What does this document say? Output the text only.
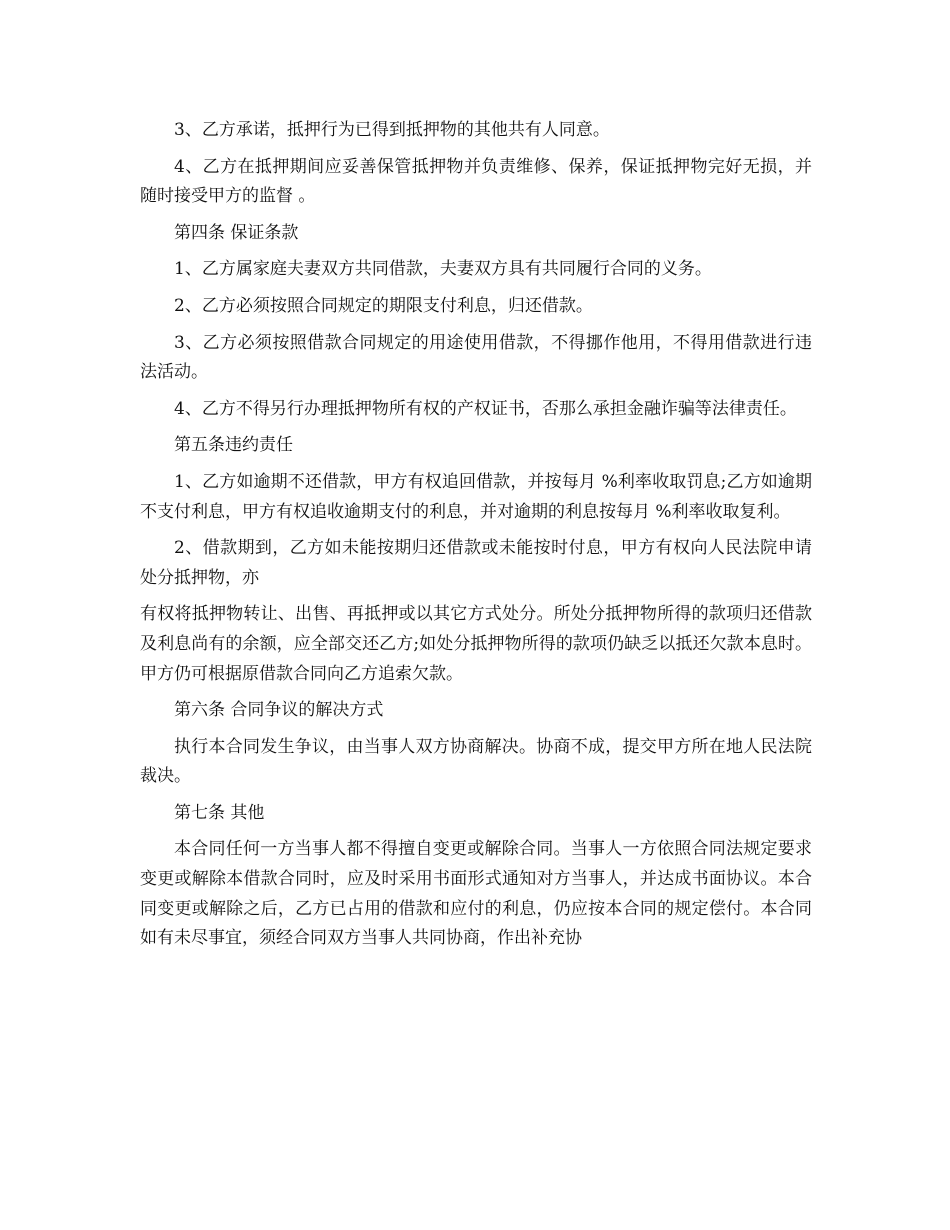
3、乙方承诺，抵押行为已得到抵押物的其他共有人同意。

4、乙方在抵押期间应妥善保管抵押物并负责维修、保养，保证抵押物完好无损，并随时接受甲方的监督 。

第四条 保证条款

1、乙方属家庭夫妻双方共同借款，夫妻双方具有共同履行合同的义务。

2、乙方必须按照合同规定的期限支付利息，归还借款。

3、乙方必须按照借款合同规定的用途使用借款，不得挪作他用，不得用借款进行违法活动。

4、乙方不得另行办理抵押物所有权的产权证书，否那么承担金融诈骗等法律责任。

第五条违约责任

1、乙方如逾期不还借款，甲方有权追回借款，并按每月 %利率收取罚息;乙方如逾期不支付利息，甲方有权追收逾期支付的利息，并对逾期的利息按每月 %利率收取复利。

2、借款期到，乙方如未能按期归还借款或未能按时付息，甲方有权向人民法院申请处分抵押物，亦

有权将抵押物转让、出售、再抵押或以其它方式处分。所处分抵押物所得的款项归还借款及利息尚有的余额，应全部交还乙方;如处分抵押物所得的款项仍缺乏以抵还欠款本息时。甲方仍可根据原借款合同向乙方追索欠款。

第六条 合同争议的解决方式

执行本合同发生争议，由当事人双方协商解决。协商不成，提交甲方所在地人民法院裁决。

第七条 其他

本合同任何一方当事人都不得擅自变更或解除合同。当事人一方依照合同法规定要求变更或解除本借款合同时，应及时采用书面形式通知对方当事人，并达成书面协议。本合同变更或解除之后，乙方已占用的借款和应付的利息，仍应按本合同的规定偿付。本合同如有未尽事宜，须经合同双方当事人共同协商，作出补充协
